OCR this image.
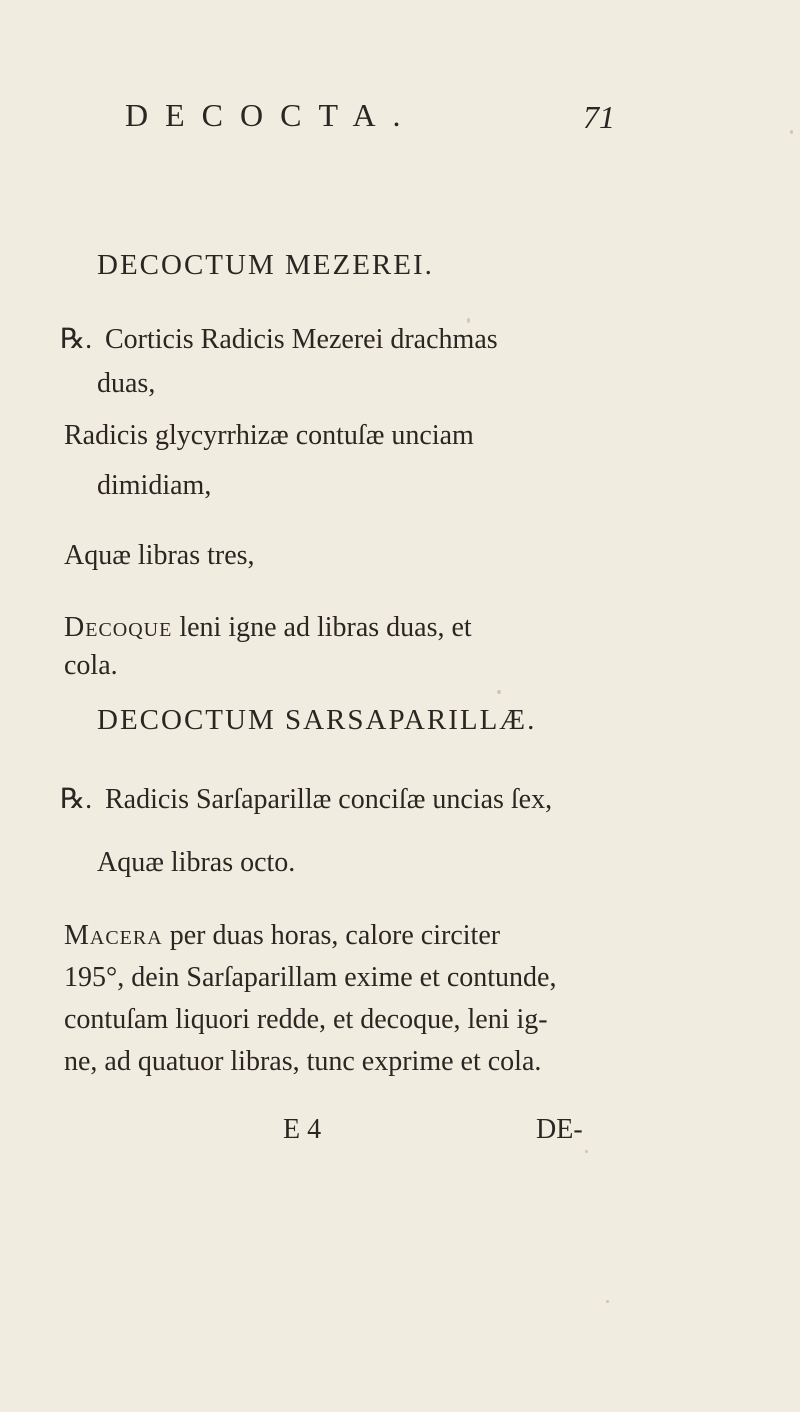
DECOCTA.	71
DECOCTUM MEZEREI.
℞. Corticis Radicis Mezerei drachmas
duas,
Radicis glycyrrhizæ contuſæ unciam
dimidiam,
Aquæ libras tres,
Decoque leni igne ad libras duas, et
cola.
DECOCTUM SARSAPARILLÆ.
℞. Radicis Sarſaparillæ conciſæ uncias ſex,
Aquæ libras octo.
Macera per duas horas, calore circiter
195°, dein Sarſaparillam exime et contunde,
contuſam liquori redde, et decoque, leni ig-
ne, ad quatuor libras, tunc exprime et cola.
E 4	DE-
